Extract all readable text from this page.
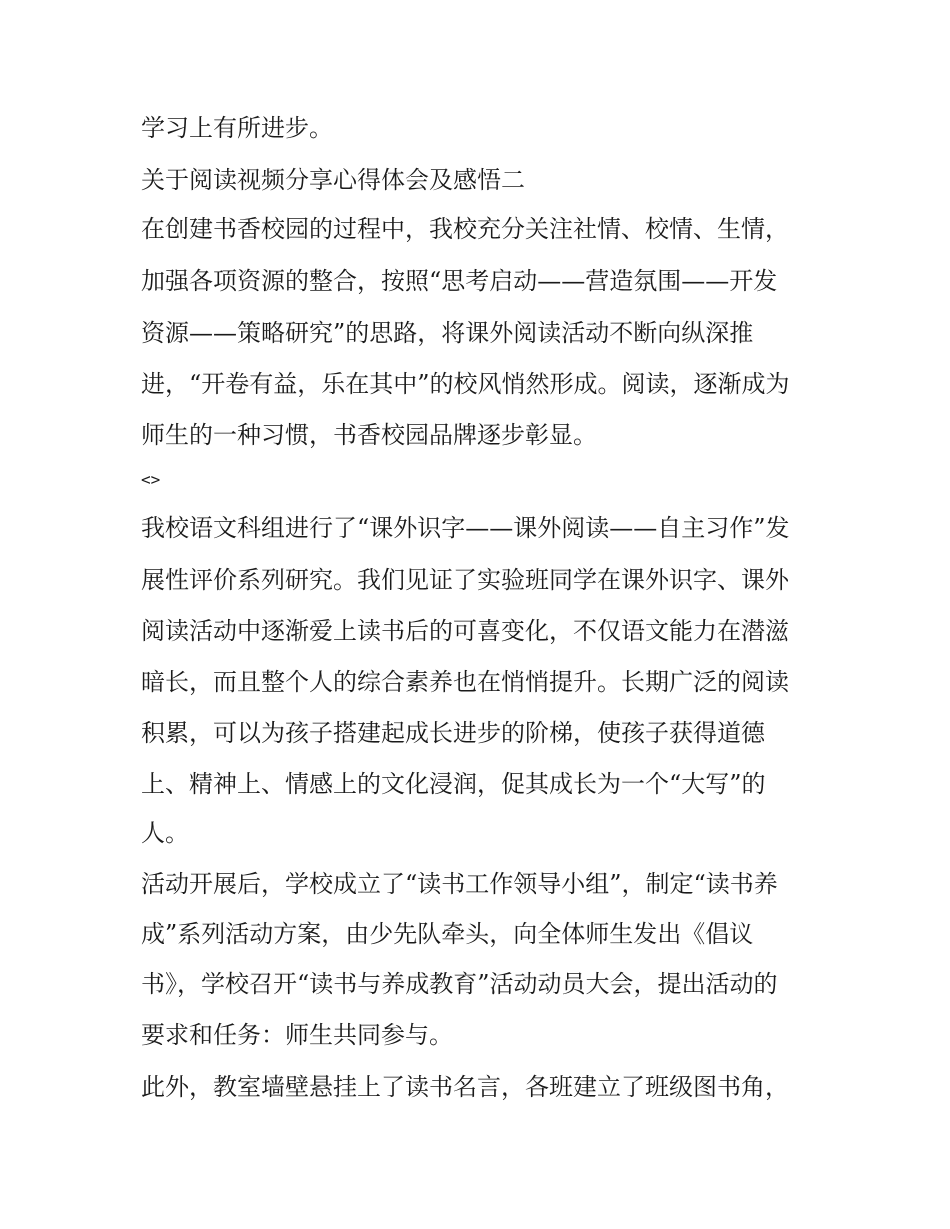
学习上有所进步。
关于阅读视频分享心得体会及感悟二
在创建书香校园的过程中，我校充分关注社情、校情、生情，
加强各项资源的整合，按照“思考启动——营造氛围——开发
资源——策略研究”的思路，将课外阅读活动不断向纵深推
进，“开卷有益，乐在其中”的校风悄然形成。阅读，逐渐成为
师生的一种习惯，书香校园品牌逐步彰显。
<>
我校语文科组进行了“课外识字——课外阅读——自主习作”发
展性评价系列研究。我们见证了实验班同学在课外识字、课外
阅读活动中逐渐爱上读书后的可喜变化，不仅语文能力在潜滋
暗长，而且整个人的综合素养也在悄悄提升。长期广泛的阅读
积累，可以为孩子搭建起成长进步的阶梯，使孩子获得道德
上、精神上、情感上的文化浸润，促其成长为一个“大写”的
人。
活动开展后，学校成立了“读书工作领导小组”，制定“读书养
成”系列活动方案，由少先队牵头，向全体师生发出《倡议
书》，学校召开“读书与养成教育”活动动员大会，提出活动的
要求和任务：师生共同参与。
此外，教室墙壁悬挂上了读书名言，各班建立了班级图书角，
